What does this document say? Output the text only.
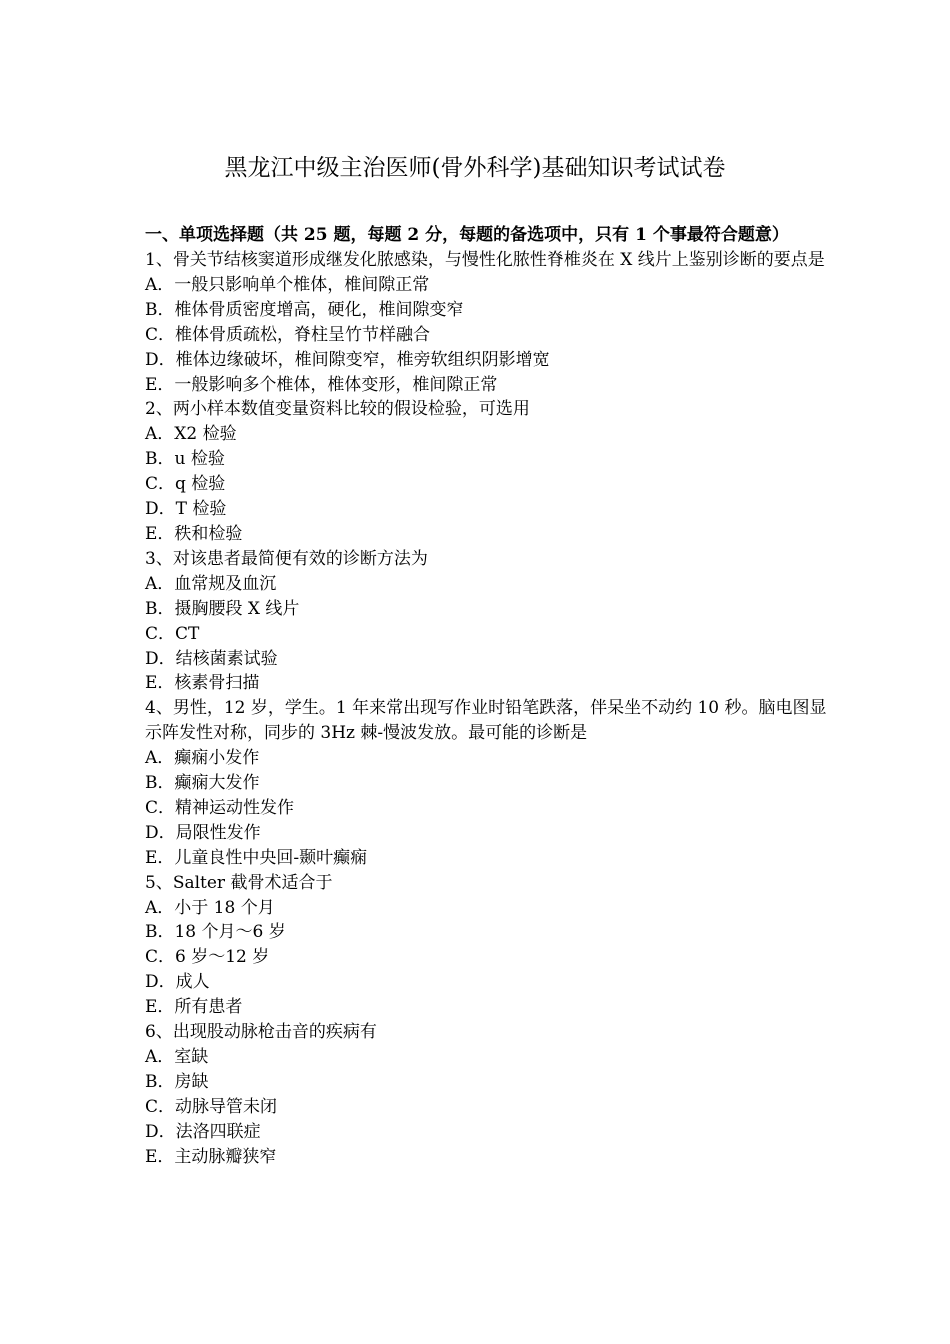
黑龙江中级主治医师(骨外科学)基础知识考试试卷

一、单项选择题（共 25 题，每题 2 分，每题的备选项中，只有 1 个事最符合题意）

1、骨关节结核窦道形成继发化脓感染，与慢性化脓性脊椎炎在 X 线片上鉴别诊断的要点是

A．一般只影响单个椎体，椎间隙正常

B．椎体骨质密度增高，硬化，椎间隙变窄

C．椎体骨质疏松，脊柱呈竹节样融合

D．椎体边缘破坏，椎间隙变窄，椎旁软组织阴影增宽

E．一般影响多个椎体，椎体变形，椎间隙正常

2、两小样本数值变量资料比较的假设检验，可选用

A．X2 检验

B．u 检验

C．q 检验

D．T 检验

E．秩和检验

3、对该患者最简便有效的诊断方法为

A．血常规及血沉

B．摄胸腰段 X 线片

C．CT

D．结核菌素试验

E．核素骨扫描

4、男性，12 岁，学生。1 年来常出现写作业时铅笔跌落，伴呆坐不动约 10 秒。脑电图显示阵发性对称，同步的 3Hz 棘-慢波发放。最可能的诊断是

A．癫痫小发作

B．癫痫大发作

C．精神运动性发作

D．局限性发作

E．儿童良性中央回-颞叶癫痫

5、Salter 截骨术适合于

A．小于 18 个月

B．18 个月～6 岁

C．6 岁～12 岁

D．成人

E．所有患者

6、出现股动脉枪击音的疾病有

A．室缺

B．房缺

C．动脉导管未闭

D．法洛四联症

E．主动脉瓣狭窄
